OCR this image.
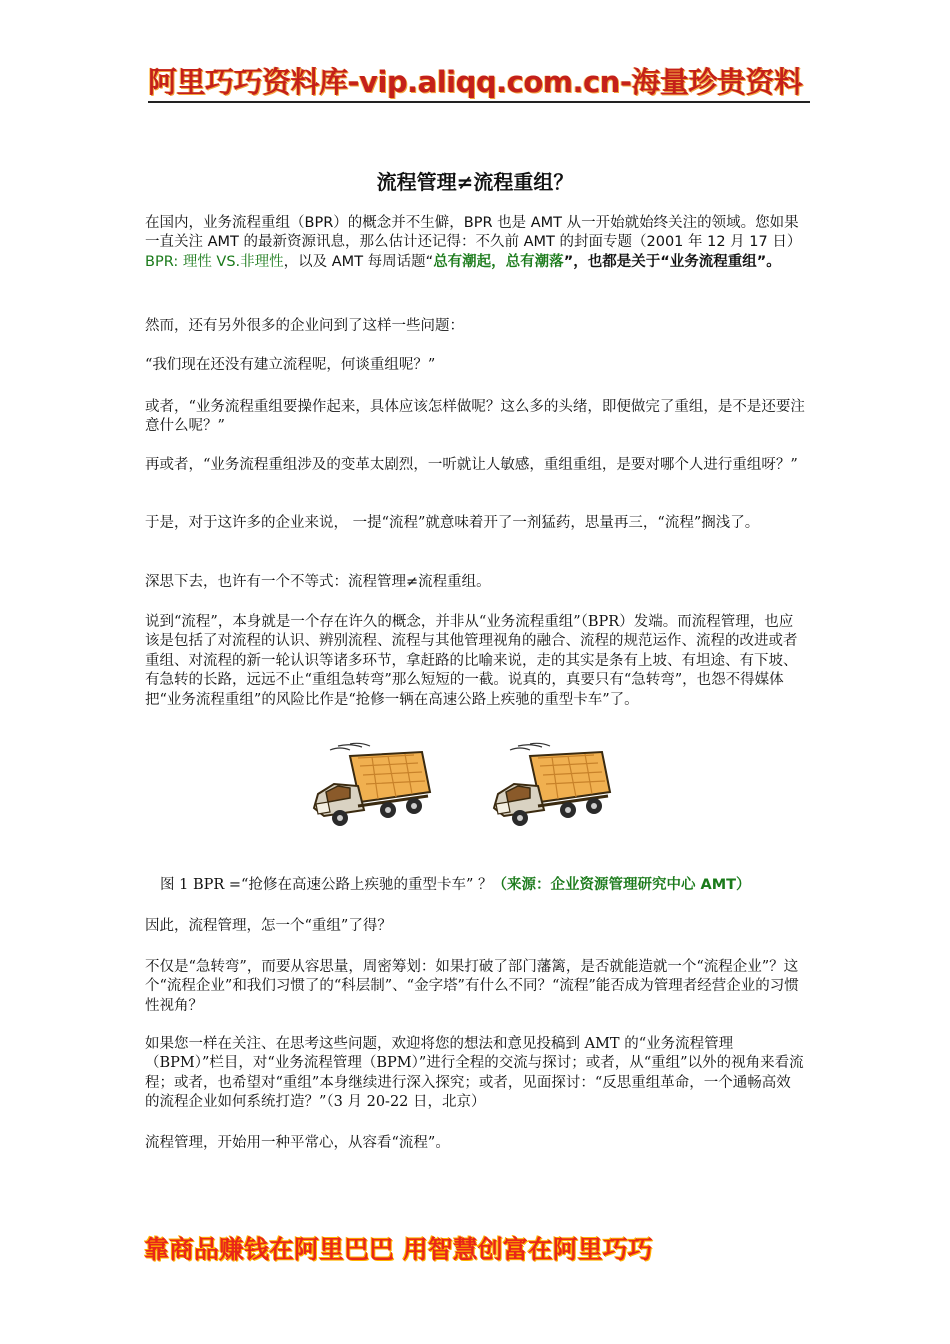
阿里巧巧资料库-vip.aliqq.com.cn-海量珍贵资料
流程管理≠流程重组？
在国内，业务流程重组（BPR）的概念并不生僻，BPR 也是 AMT 从一开始就始终关注的领域。您如果一直关注 AMT 的最新资源讯息，那么估计还记得：不久前 AMT 的封面专题（2001 年 12 月 17 日）BPR: 理性 VS.非理性，以及 AMT 每周话题“总有潮起，总有潮落”，也都是关于“业务流程重组”。
然而，还有另外很多的企业问到了这样一些问题：
“我们现在还没有建立流程呢，何谈重组呢？”
或者，“业务流程重组要操作起来，具体应该怎样做呢？这么多的头绪，即便做完了重组，是不是还要注意什么呢？”
再或者，“业务流程重组涉及的变革太剧烈，一听就让人敏感，重组重组，是要对哪个人进行重组呀？”
于是，对于这许多的企业来说， 一提“流程”就意味着开了一剂猛药，思量再三，“流程”搁浅了。
深思下去，也许有一个不等式：流程管理≠流程重组。
说到“流程”，本身就是一个存在许久的概念，并非从“业务流程重组”（BPR）发端。而流程管理，也应该是包括了对流程的认识、辨别流程、流程与其他管理视角的融合、流程的规范运作、流程的改进或者重组、对流程的新一轮认识等诸多环节，拿赶路的比喻来说，走的其实是条有上坡、有坦途、有下坡、有急转的长路，远远不止“重组急转弯”那么短短的一截。说真的，真要只有“急转弯”，也怨不得媒体把“业务流程重组”的风险比作是“抢修一辆在高速公路上疾驰的重型卡车”了。
图 1 BPR =“抢修在高速公路上疾驰的重型卡车” ？（来源：企业资源管理研究中心 AMT）
因此，流程管理，怎一个“重组”了得？
不仅是“急转弯”，而要从容思量，周密筹划：如果打破了部门藩篱，是否就能造就一个“流程企业”？这个“流程企业”和我们习惯了的“科层制”、“金字塔”有什么不同？“流程”能否成为管理者经营企业的习惯性视角？
如果您一样在关注、在思考这些问题，欢迎将您的想法和意见投稿到 AMT 的“业务流程管理（BPM）”栏目，对“业务流程管理（BPM）”进行全程的交流与探讨；或者，从“重组”以外的视角来看流程；或者，也希望对“重组”本身继续进行深入探究；或者，见面探讨：“反思重组革命，一个通畅高效的流程企业如何系统打造？”（3 月 20-22 日，北京）
流程管理，开始用一种平常心，从容看“流程”。
靠商品赚钱在阿里巴巴 用智慧创富在阿里巧巧
